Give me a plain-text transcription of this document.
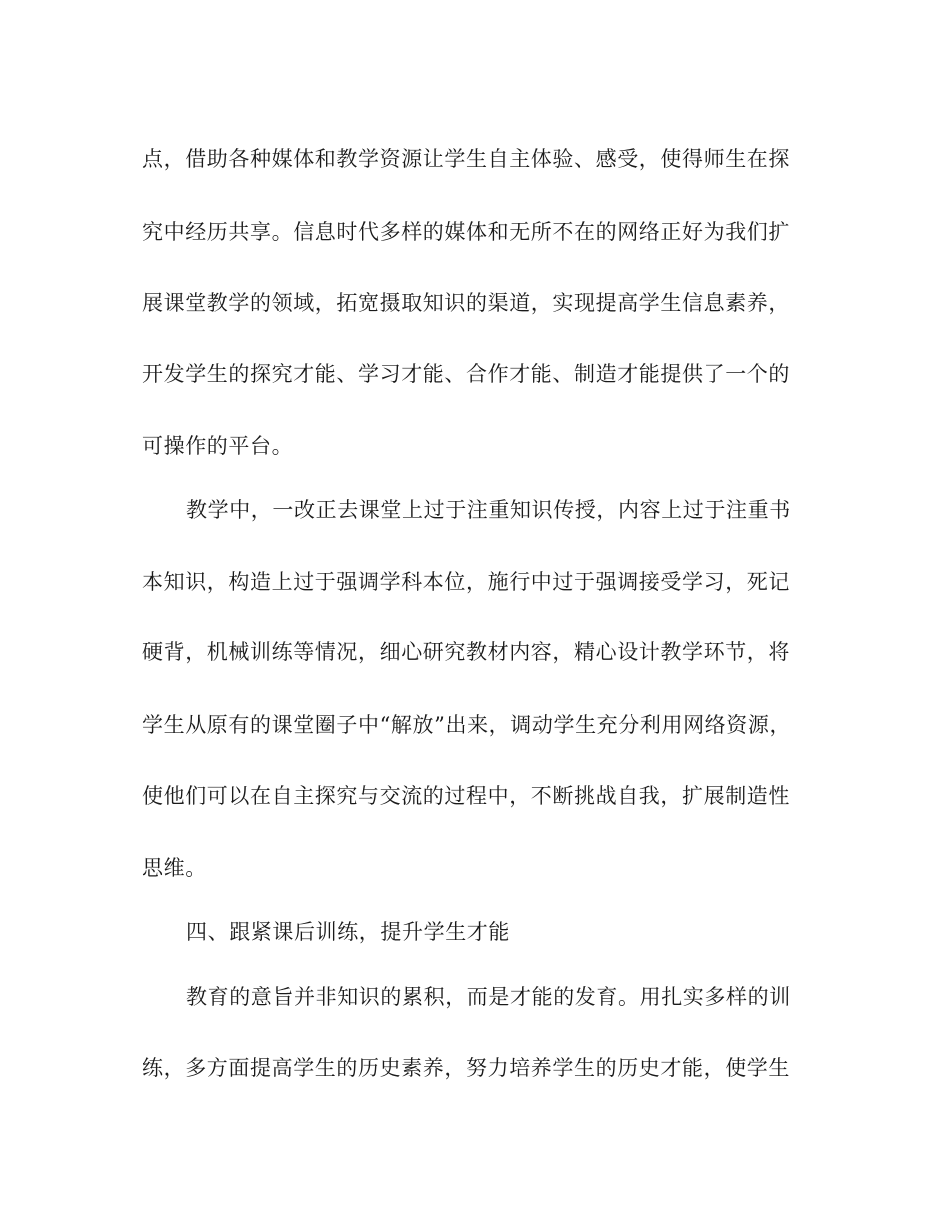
点，借助各种媒体和教学资源让学生自主体验、感受，使得师生在探
究中经历共享。信息时代多样的媒体和无所不在的网络正好为我们扩
展课堂教学的领域，拓宽摄取知识的渠道，实现提高学生信息素养，
开发学生的探究才能、学习才能、合作才能、制造才能提供了一个的
可操作的平台。
教学中，一改正去课堂上过于注重知识传授，内容上过于注重书
本知识，构造上过于强调学科本位，施行中过于强调接受学习，死记
硬背，机械训练等情况，细心研究教材内容，精心设计教学环节，将
学生从原有的课堂圈子中“解放”出来，调动学生充分利用网络资源，
使他们可以在自主探究与交流的过程中，不断挑战自我，扩展制造性
思维。
四、跟紧课后训练，提升学生才能
教育的意旨并非知识的累积，而是才能的发育。用扎实多样的训
练，多方面提高学生的历史素养，努力培养学生的历史才能，使学生
